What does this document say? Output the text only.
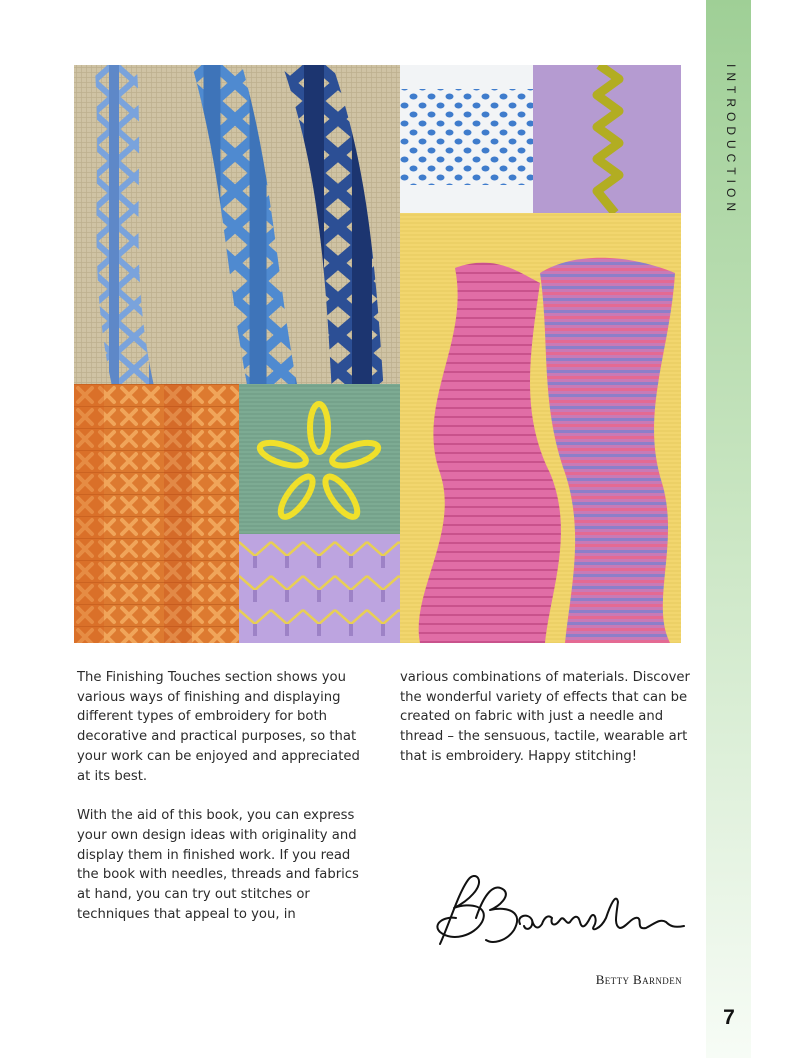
INTRODUCTION
7

The Finishing Touches section shows you various ways of finishing and displaying different types of embroidery for both decorative and practical purposes, so that your work can be enjoyed and appreciated at its best.

With the aid of this book, you can express your own design ideas with originality and display them in finished work. If you read the book with needles, threads and fabrics at hand, you can try out stitches or techniques that appeal to you, in

various combinations of materials. Discover the wonderful variety of effects that can be created on fabric with just a needle and thread – the sensuous, tactile, wearable art that is embroidery. Happy stitching!

Betty Barnden
